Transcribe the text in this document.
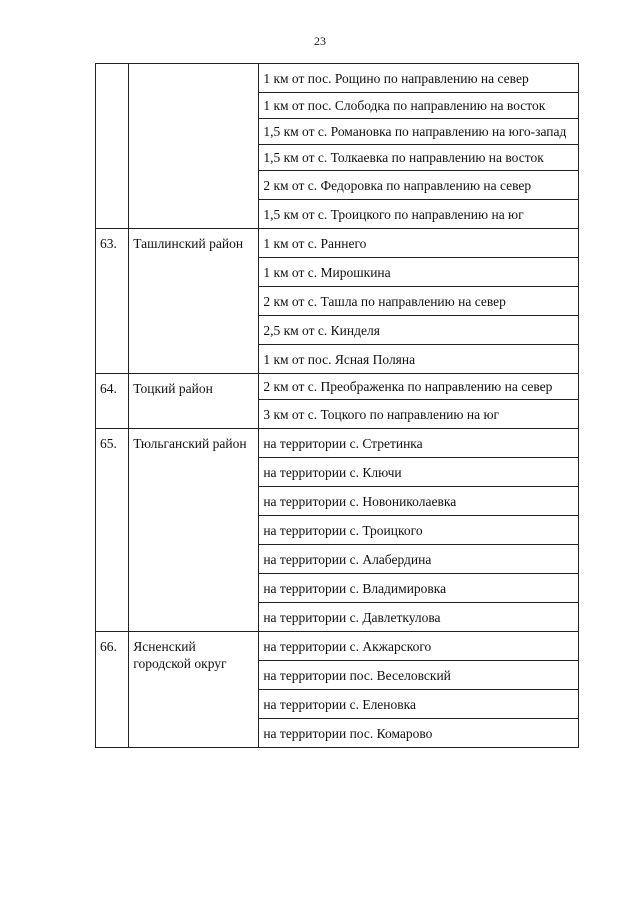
23
		1 км от пос. Рощино по направлению на север
		1 км от пос. Слободка по направлению на восток
		1,5 км от с. Романовка по направлению на юго-запад
		1,5 км от с. Толкаевка по направлению на восток
		2 км от с. Федоровка по направлению на север
		1,5 км от с. Троицкого по направлению на юг
63.	Ташлинский район	1 км от с. Раннего
		1 км от с. Мирошкина
		2 км от с. Ташла по направлению на север
		2,5 км от с. Кинделя
		1 км от пос. Ясная Поляна
64.	Тоцкий район	2 км от с. Преображенка по направлению на север
		3 км от с. Тоцкого по направлению на юг
65.	Тюльганский район	на территории с. Стретинка
		на территории с. Ключи
		на территории с. Новониколаевка
		на территории с. Троицкого
		на территории с. Алабердина
		на территории с. Владимировка
		на территории с. Давлеткулова
66.	Ясненский городской округ	на территории с. Акжарского
		на территории пос. Веселовский
		на территории с. Еленовка
		на территории пос. Комарово
